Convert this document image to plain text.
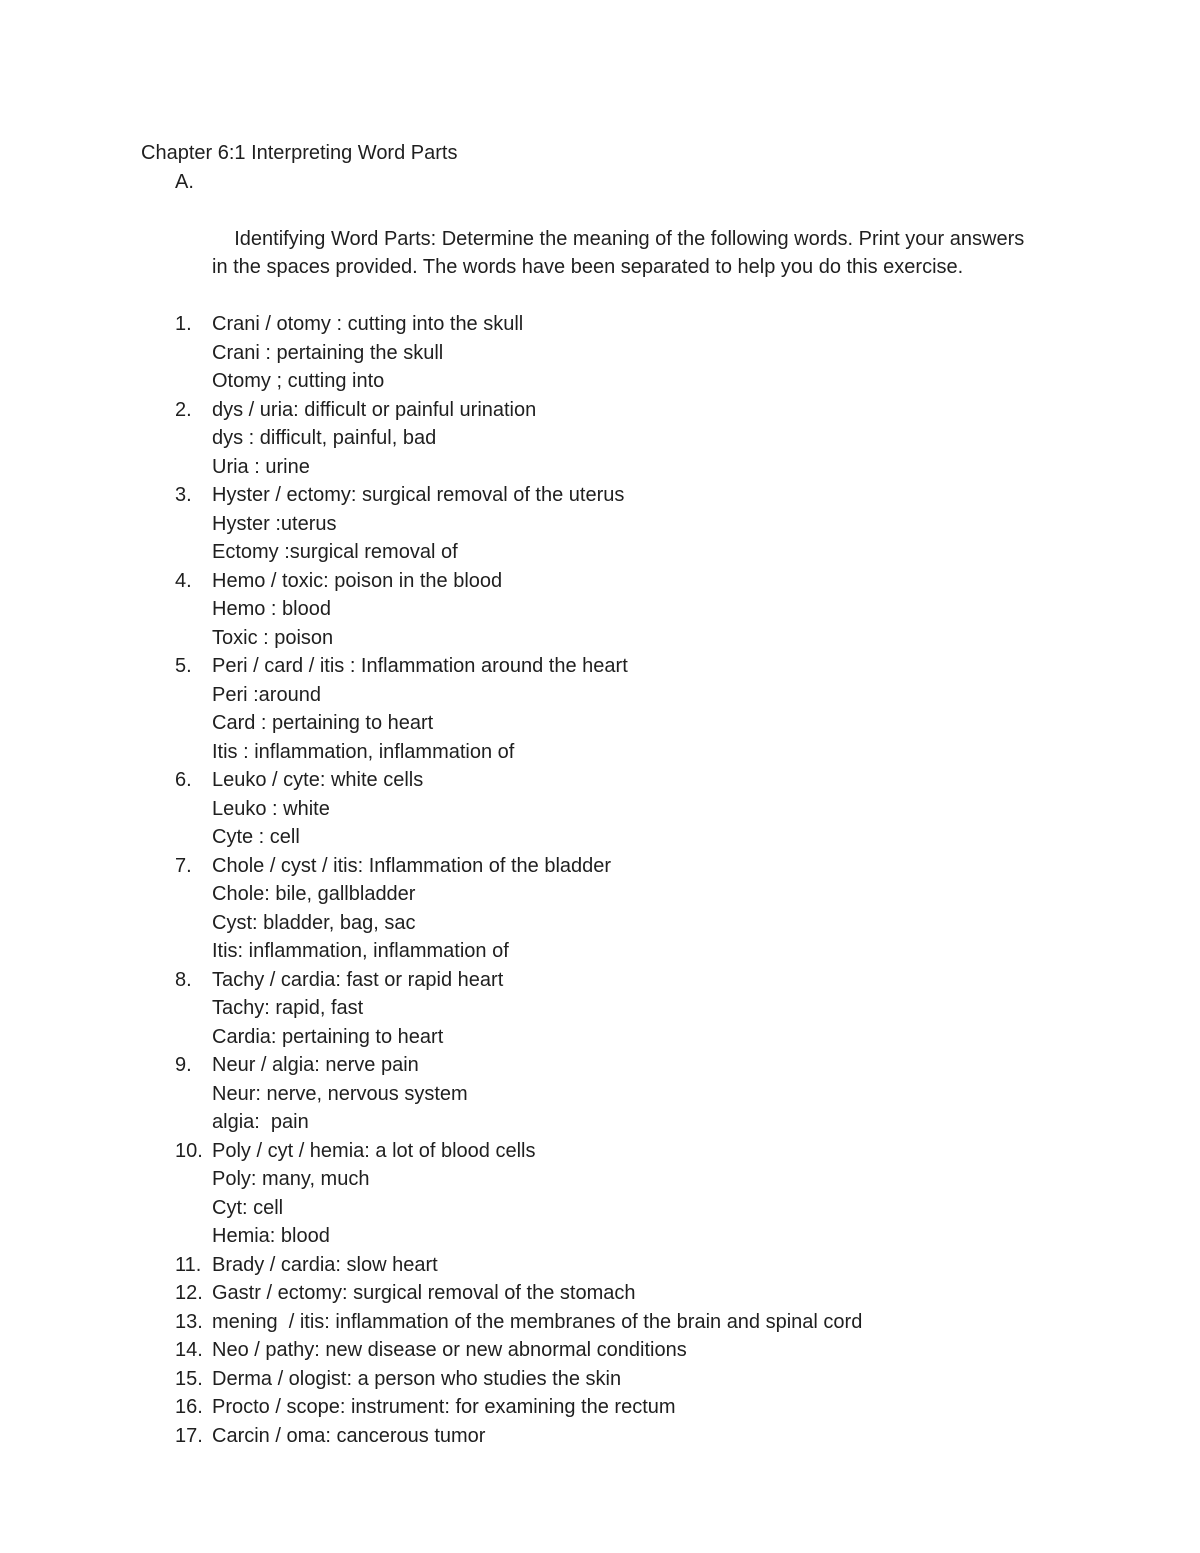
Chapter 6:1 Interpreting Word Parts

A.

Identifying Word Parts: Determine the meaning of the following words. Print your answers in the spaces provided. The words have been separated to help you do this exercise.

1. Crani / otomy : cutting into the skull
Crani : pertaining the skull
Otomy ; cutting into
2. dys / uria: difficult or painful urination
dys : difficult, painful, bad
Uria : urine
3. Hyster / ectomy: surgical removal of the uterus
Hyster :uterus
Ectomy :surgical removal of
4. Hemo / toxic: poison in the blood
Hemo : blood
Toxic : poison
5. Peri / card / itis : Inflammation around the heart
Peri :around
Card : pertaining to heart
Itis : inflammation, inflammation of
6. Leuko / cyte: white cells
Leuko : white
Cyte : cell
7. Chole / cyst / itis: Inflammation of the bladder
Chole: bile, gallbladder
Cyst: bladder, bag, sac
Itis: inflammation, inflammation of
8. Tachy / cardia: fast or rapid heart
Tachy: rapid, fast
Cardia: pertaining to heart
9. Neur / algia: nerve pain
Neur: nerve, nervous system
algia:  pain
10. Poly / cyt / hemia: a lot of blood cells
Poly: many, much
Cyt: cell
Hemia: blood
11. Brady / cardia: slow heart
12. Gastr / ectomy: surgical removal of the stomach
13. mening  / itis: inflammation of the membranes of the brain and spinal cord
14. Neo / pathy: new disease or new abnormal conditions
15. Derma / ologist: a person who studies the skin
16. Procto / scope: instrument: for examining the rectum
17. Carcin / oma: cancerous tumor
